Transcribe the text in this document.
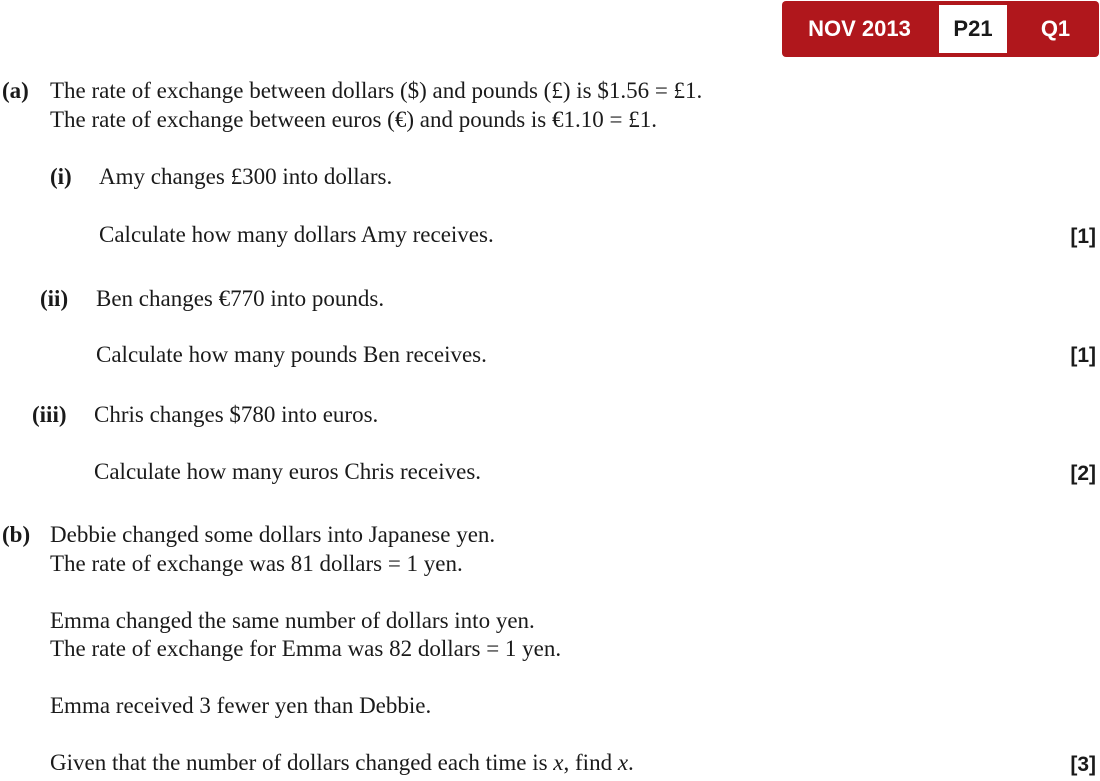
NOV 2013	P21	Q1
(a) The rate of exchange between dollars ($) and pounds (£) is $1.56 = £1.
The rate of exchange between euros (€) and pounds is €1.10 = £1.
(i) Amy changes £300 into dollars.
Calculate how many dollars Amy receives.	[1]
(ii) Ben changes €770 into pounds.
Calculate how many pounds Ben receives.	[1]
(iii) Chris changes $780 into euros.
Calculate how many euros Chris receives.	[2]
(b) Debbie changed some dollars into Japanese yen.
The rate of exchange was 81 dollars = 1 yen.
Emma changed the same number of dollars into yen.
The rate of exchange for Emma was 82 dollars = 1 yen.
Emma received 3 fewer yen than Debbie.
Given that the number of dollars changed each time is x, find x.	[3]
